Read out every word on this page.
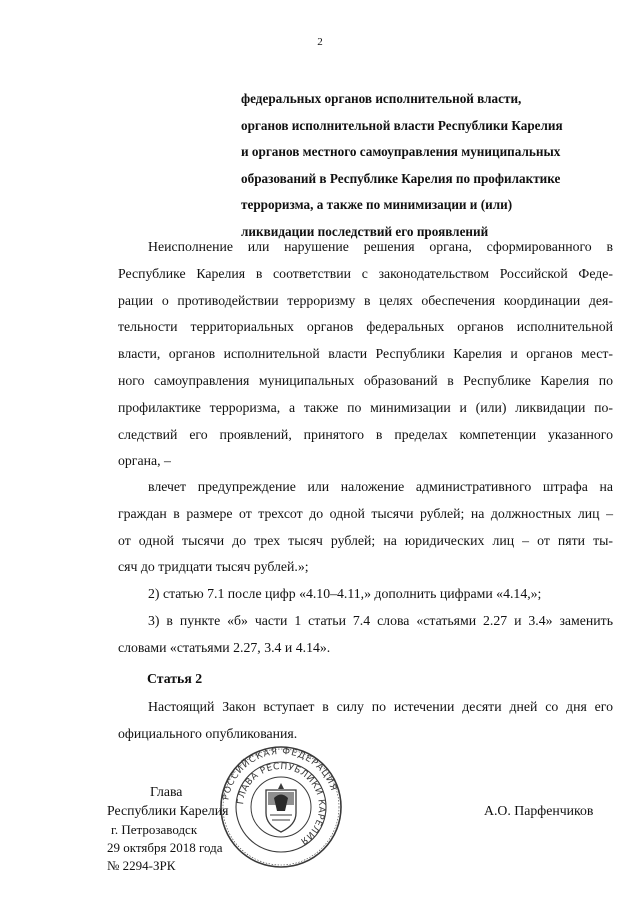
2
федеральных органов исполнительной власти,
органов исполнительной власти Республики Карелия
и органов местного самоуправления муниципальных
образований в Республике Карелия по профилактике
терроризма, а также по минимизации и (или)
ликвидации последствий его проявлений
Неисполнение или нарушение решения органа, сформированного в
Республике Карелия в соответствии с законодательством Российской Феде-
рации о противодействии терроризму в целях обеспечения координации дея-
тельности территориальных органов федеральных органов исполнительной
власти, органов исполнительной власти Республики Карелия и органов мест-
ного самоуправления муниципальных образований в Республике Карелия по
профилактике терроризма, а также по минимизации и (или) ликвидации по-
следствий его проявлений, принятого в пределах компетенции указанного
органа, –
влечет предупреждение или наложение административного штрафа на
граждан в размере от трехсот до одной тысячи рублей; на должностных лиц –
от одной тысячи до трех тысяч рублей; на юридических лиц – от пяти ты-
сяч до тридцати тысяч рублей.»;
2) статью 7.1 после цифр «4.10–4.11,» дополнить цифрами «4.14,»;
3) в пункте «б» части 1 статьи 7.4 слова «статьями 2.27 и 3.4» заменить
словами «статьями 2.27, 3.4 и 4.14».
Статья 2
Настоящий Закон вступает в силу по истечении десяти дней со дня его
официального опубликования.
Глава
Республики Карелия	А.О. Парфенчиков
г. Петрозаводск
29 октября 2018 года
№ 2294-ЗРК
РОССИЙСКАЯ ФЕДЕРАЦИЯ
ГЛАВА РЕСПУБЛИКИ КАРЕЛИЯ
